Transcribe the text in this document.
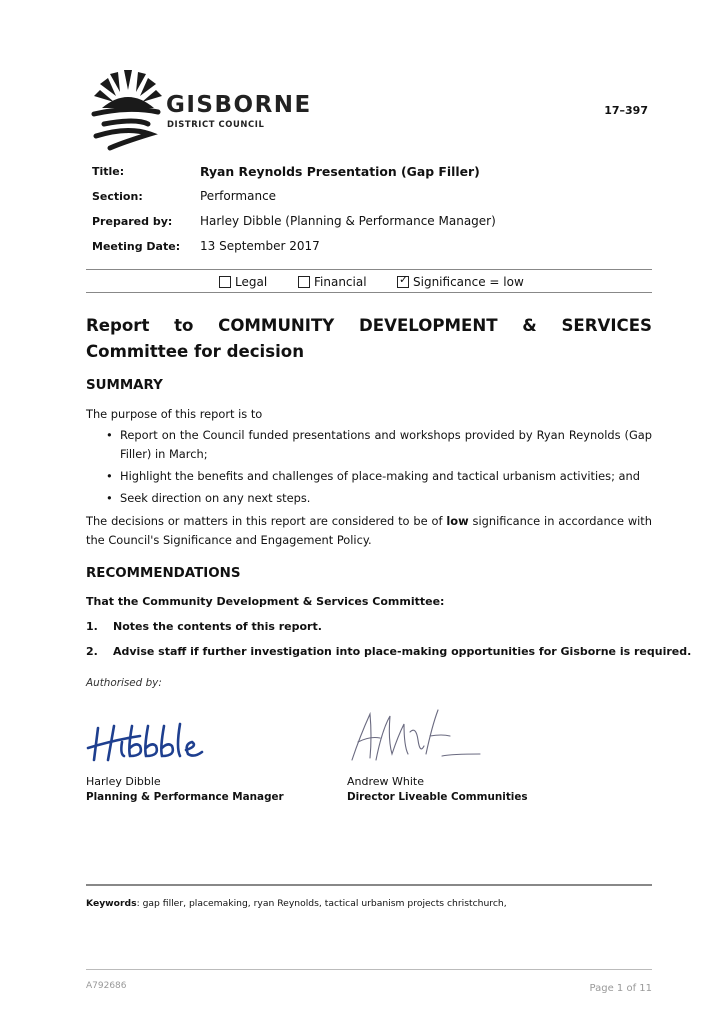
GISBORNE
DISTRICT COUNCIL
17–397
Title:	Ryan Reynolds Presentation (Gap Filler)
Section:	Performance
Prepared by: Harley Dibble (Planning & Performance Manager)
Meeting Date: 13 September 2017
Legal	Financial	✓ Significance = low
Report to COMMUNITY DEVELOPMENT & SERVICES Committee for decision
SUMMARY
The purpose of this report is to
• Report on the Council funded presentations and workshops provided by Ryan Reynolds (Gap Filler) in March;
• Highlight the benefits and challenges of place-making and tactical urbanism activities; and
• Seek direction on any next steps.
The decisions or matters in this report are considered to be of low significance in accordance with the Council's Significance and Engagement Policy.
RECOMMENDATIONS
That the Community Development & Services Committee:
1. Notes the contents of this report.
2. Advise staff if further investigation into place-making opportunities for Gisborne is required.
Authorised by:
Harley Dibble
Planning & Performance Manager
Andrew White
Director Liveable Communities
Keywords: gap filler, placemaking, ryan Reynolds, tactical urbanism projects christchurch,
A792686	Page 1 of 11
